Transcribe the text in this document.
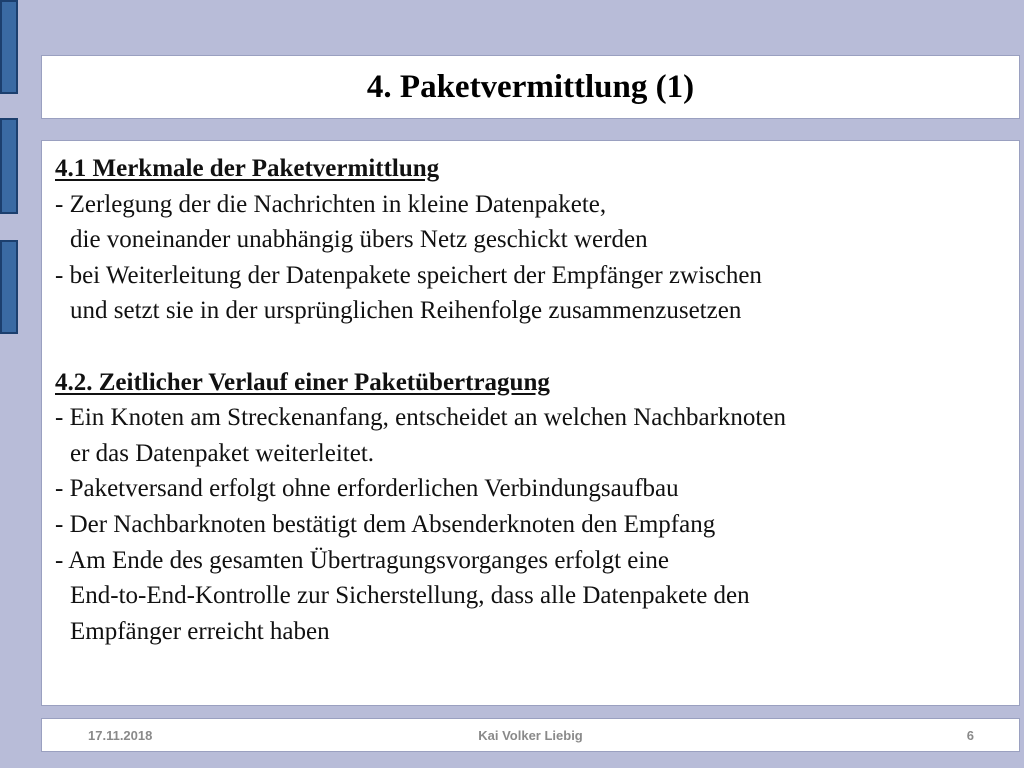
4. Paketvermittlung (1)
4.1 Merkmale der Paketvermittlung
- Zerlegung der die Nachrichten in kleine Datenpakete,
die voneinander unabhängig übers Netz geschickt werden
- bei Weiterleitung der Datenpakete speichert der Empfänger zwischen
und setzt sie in der ursprünglichen Reihenfolge zusammenzusetzen
4.2. Zeitlicher Verlauf einer Paketübertragung
- Ein Knoten am Streckenanfang, entscheidet an welchen Nachbarknoten
er das Datenpaket weiterleitet.
- Paketversand erfolgt ohne erforderlichen Verbindungsaufbau
- Der Nachbarknoten bestätigt dem Absenderknoten den Empfang
- Am Ende des gesamten Übertragungsvorganges erfolgt eine
End-to-End-Kontrolle zur Sicherstellung, dass alle Datenpakete den
Empfänger erreicht haben
17.11.2018	Kai Volker Liebig	6
